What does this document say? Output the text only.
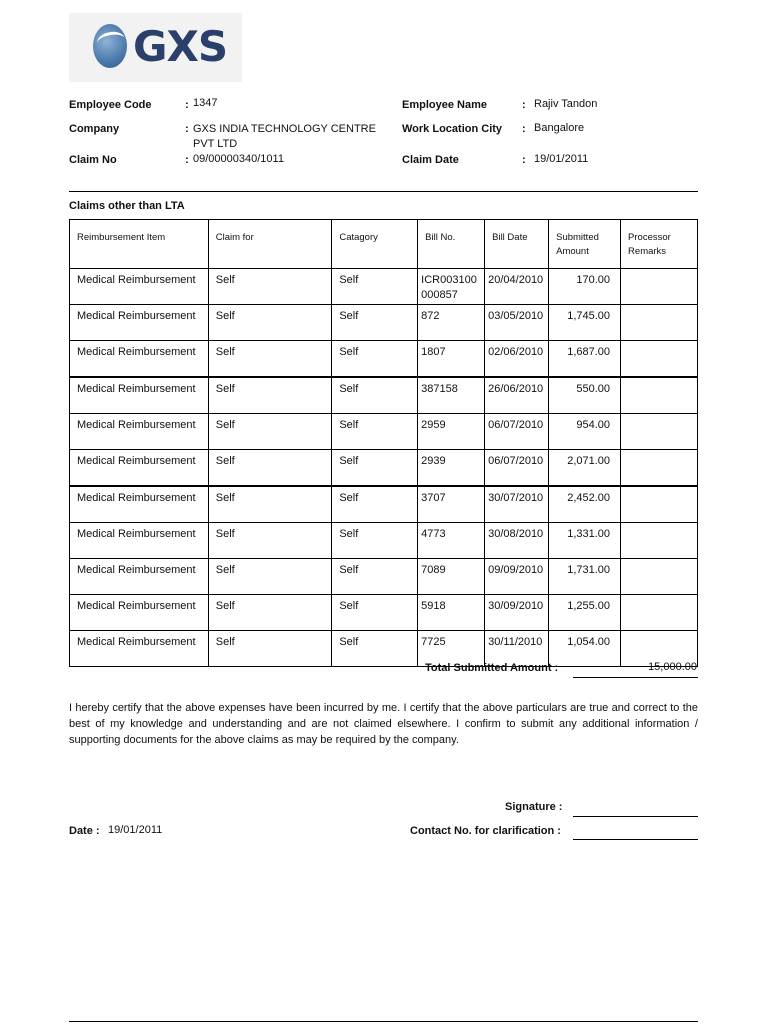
GXS
Employee Code	: 1347
Company	: GXS INDIA TECHNOLOGY CENTRE
PVT LTD
Claim No	: 09/00000340/1011
Employee Name	: Rajiv Tandon
Work Location City : Bangalore
Claim Date	: 19/01/2011
Claims other than LTA
Reimbursement Item	Claim for	Catagory	Bill No.	Bill Date	Submitted Amount	Processor Remarks
Medical Reimbursement	Self	Self	ICR003100 000857	20/04/2010	170.00	
Medical Reimbursement	Self	Self	872	03/05/2010	1,745.00	
Medical Reimbursement	Self	Self	1807	02/06/2010	1,687.00	
Medical Reimbursement	Self	Self	387158	26/06/2010	550.00	
Medical Reimbursement	Self	Self	2959	06/07/2010	954.00	
Medical Reimbursement	Self	Self	2939	06/07/2010	2,071.00	
Medical Reimbursement	Self	Self	3707	30/07/2010	2,452.00	
Medical Reimbursement	Self	Self	4773	30/08/2010	1,331.00	
Medical Reimbursement	Self	Self	7089	09/09/2010	1,731.00	
Medical Reimbursement	Self	Self	5918	30/09/2010	1,255.00	
Medical Reimbursement	Self	Self	7725	30/11/2010	1,054.00	
Total Submitted Amount :	15,000.00
I hereby certify that the above expenses have been incurred by me. I certify that the above particulars are true and correct to the best of my knowledge and understanding and are not claimed elsewhere. I confirm to submit any additional information / supporting documents for the above claims as may be required by the company.
Signature :
Contact No. for clarification :
Date : 19/01/2011
